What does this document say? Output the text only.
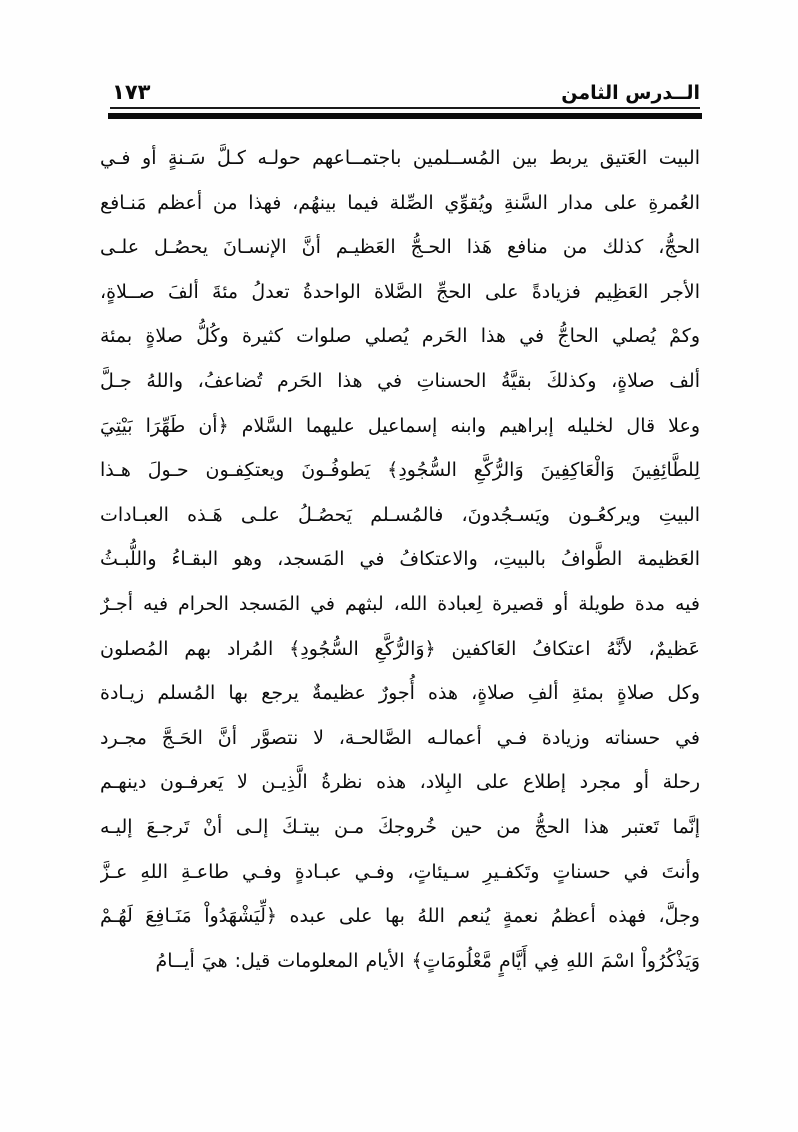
١٧٣	الــدرس الثامن
البيت العَتيق يربط بين المُســلمين باجتمــاعهم حولـه كـلَّ سَـنةٍ أو فـي
العُمرةِ على مدار السَّنةِ ويُقوِّي الصِّلة فيما بينهُم، فهذا من أعظم مَنـافع
الحجُّ، كذلك من منافع هَذا الحـجُّ العَظيـم أنَّ الإنسـانَ يحصُـل علـى
الأجر العَظِيم فزيادةً على الحجِّ الصَّلاة الواحدةُ تعدلُ مئةَ ألفَ صــلاةٍ،
وكمْ يُصلي الحاجُّ في هذا الحَرم يُصلي صلوات كثيرة وكُلُّ صلاةٍ بمئة
ألف صلاةٍ، وكذلكَ بقيَّةُ الحسناتِ في هذا الحَرم تُضاعفُ، واللهُ جـلَّ
وعلا قال لخليله إبراهيم وابنه إسماعيل عليهما السَّلام ﴿أن طَهِّرَا بَيْتِيَ
لِلطَّائِفِينَ وَالْعَاكِفِينَ وَالرُّكَّعِ السُّجُودِ﴾ يَطوفُـونَ ويعتكِفـون حـولَ هـذا
البيتِ ويركعُـون ويَسـجُدونَ، فالمُسـلم يَحصُـلُ علـى هَـذه العبـادات
العَظيمة الطَّوافُ بالبيتِ، والاعتكافُ في المَسجد، وهو البقـاءُ واللُّبـثُ
فيه مدة طويلة أو قصيرة لِعبادة الله، لبثهم في المَسجد الحرام فيه أجـرٌ
عَظيمٌ، لأنَّهُ اعتكافُ العَاكفين ﴿وَالرُّكَّعِ السُّجُودِ﴾ المُراد بهم المُصلون
وكل صلاةٍ بمئةِ ألفِ صلاةٍ، هذه أُجورٌ عظيمةٌ يرجع بها المُسلم زيـادة
في حسناته وزيادة فـي أعمالـه الصَّالحـة، لا نتصوَّر أنَّ الحَـجَّ مجـرد
رحلة أو مجرد إطلاع على البِلاد، هذه نظرةُ الَّذِيـن لا يَعرفـون دينهـم
إنَّما تَعتبر هذا الحجُّ من حين خُروجكَ مـن بيتـكَ إلـى أنْ تَرجـعَ إليـه
وأنتَ في حسناتٍ وتَكفـيرِ سـيئاتٍ، وفـي عبـادةٍ وفـي طاعـةِ اللهِ عـزَّ
وجلَّ، فهذه أعظمُ نعمةٍ يُنعم اللهُ بها على عبده ﴿لِّيَشْهَدُواْ مَنَـافِعَ لَهُـمْ
وَيَذْكُرُواْ اسْمَ اللهِ فِي أَيَّامٍ مَّعْلُومَاتٍ﴾ الأيام المعلومات قيل: هيَ أيــامُ
